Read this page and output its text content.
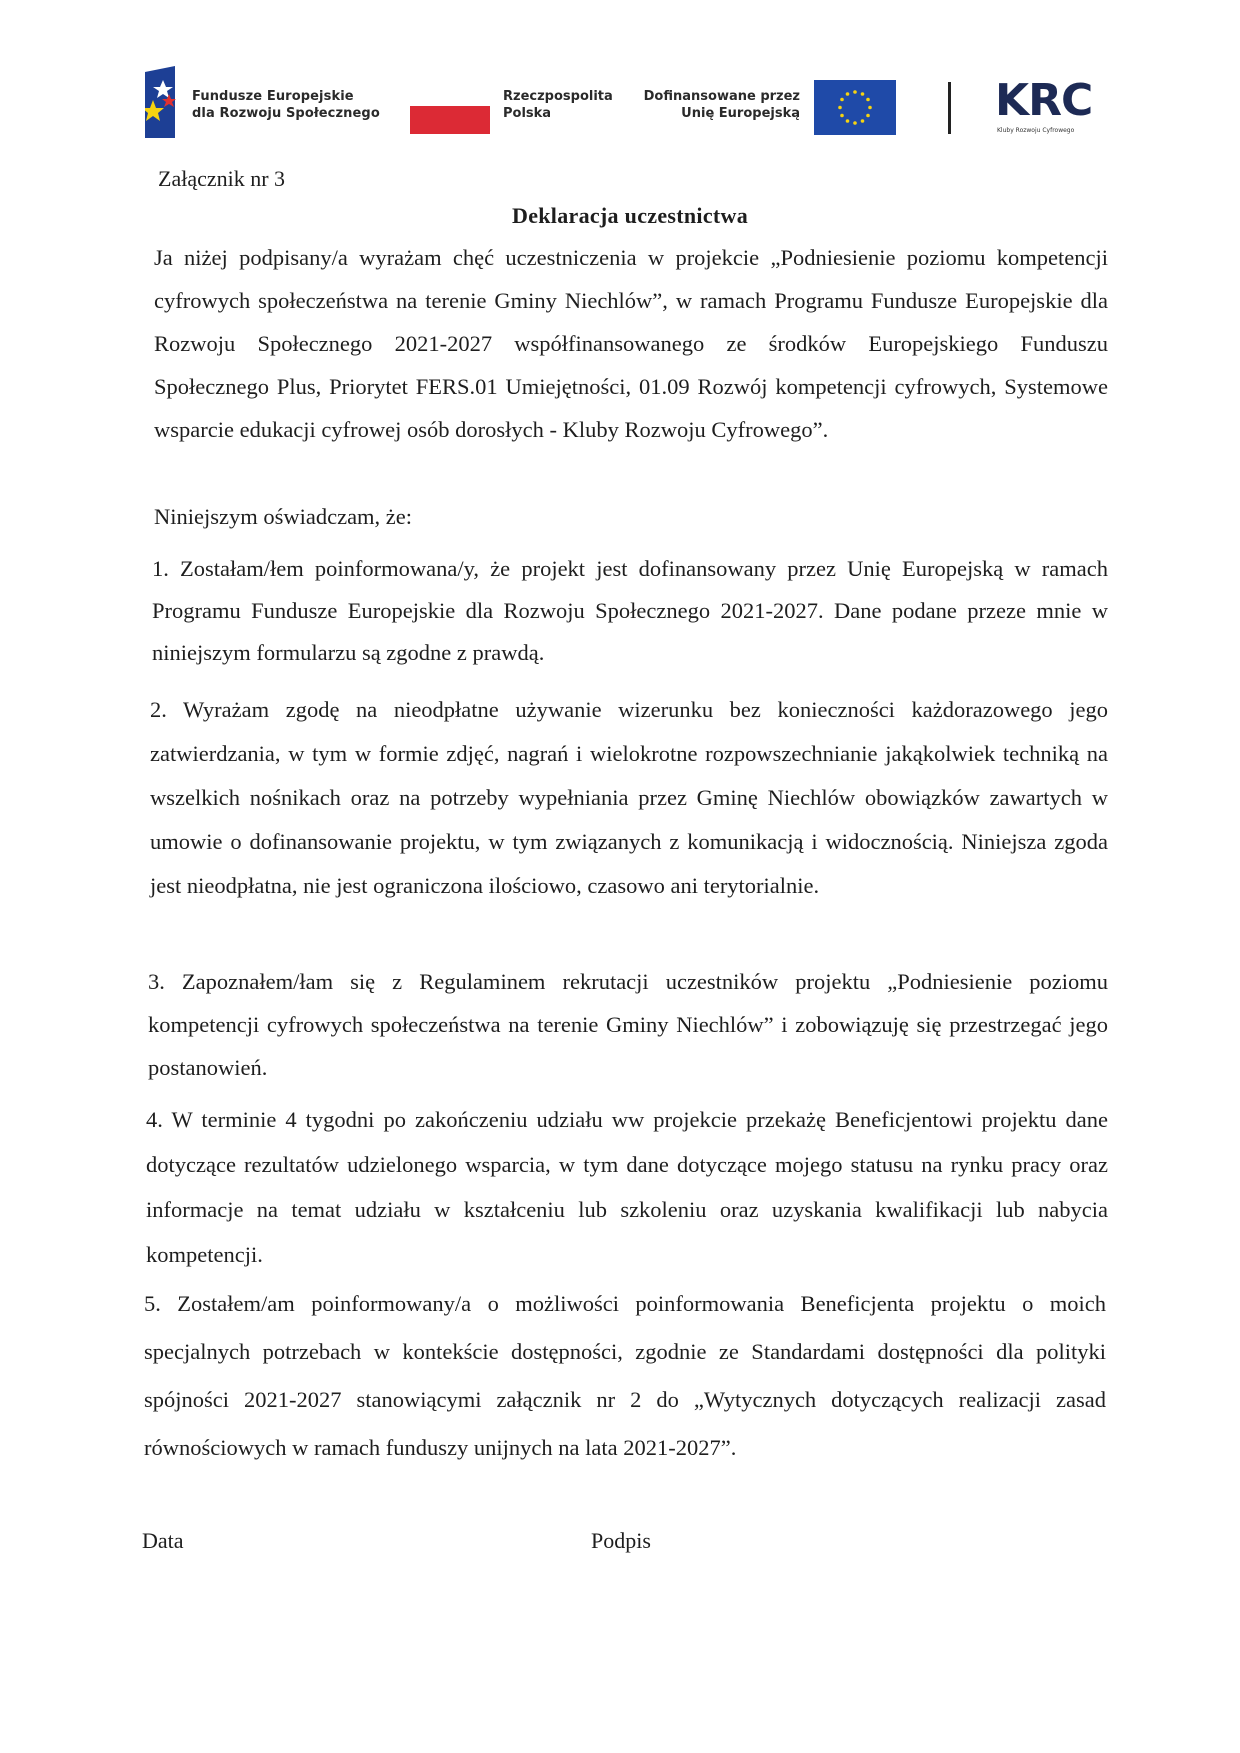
Fundusze Europejskie
dla Rozwoju Społecznego
Rzeczpospolita
Polska
Dofinansowane przez
Unię Europejską	KRC
Kluby Rozwoju Cyfrowego
Załącznik nr 3
Deklaracja uczestnictwa
Ja niżej podpisany/a wyrażam chęć uczestniczenia w projekcie „Podniesienie poziomu kompetencji cyfrowych społeczeństwa na terenie Gminy Niechlów”, w ramach Programu Fundusze Europejskie dla Rozwoju Społecznego 2021-2027 współfinansowanego ze środków Europejskiego Funduszu Społecznego Plus, Priorytet FERS.01 Umiejętności, 01.09 Rozwój kompetencji cyfrowych, Systemowe wsparcie edukacji cyfrowej osób dorosłych - Kluby Rozwoju Cyfrowego”.
Niniejszym oświadczam, że:
1. Zostałam/łem poinformowana/y, że projekt jest dofinansowany przez Unię Europejską w ramach Programu Fundusze Europejskie dla Rozwoju Społecznego 2021-2027. Dane podane przeze mnie w niniejszym formularzu są zgodne z prawdą.
2. Wyrażam zgodę na nieodpłatne używanie wizerunku bez konieczności każdorazowego jego zatwierdzania, w tym w formie zdjęć, nagrań i wielokrotne rozpowszechnianie jakąkolwiek techniką na wszelkich nośnikach oraz na potrzeby wypełniania przez Gminę Niechlów obowiązków zawartych w umowie o dofinansowanie projektu, w tym związanych z komunikacją i widocznością. Niniejsza zgoda jest nieodpłatna, nie jest ograniczona ilościowo, czasowo ani terytorialnie.
3. Zapoznałem/łam się z Regulaminem rekrutacji uczestników projektu „Podniesienie poziomu kompetencji cyfrowych społeczeństwa na terenie Gminy Niechlów” i zobowiązuję się przestrzegać jego postanowień.
4. W terminie 4 tygodni po zakończeniu udziału ww projekcie przekażę Beneficjentowi projektu dane dotyczące rezultatów udzielonego wsparcia, w tym dane dotyczące mojego statusu na rynku pracy oraz informacje na temat udziału w kształceniu lub szkoleniu oraz uzyskania kwalifikacji lub nabycia kompetencji.
5. Zostałem/am poinformowany/a o możliwości poinformowania Beneficjenta projektu o moich specjalnych potrzebach w kontekście dostępności, zgodnie ze Standardami dostępności dla polityki spójności 2021-2027 stanowiącymi załącznik nr 2 do „Wytycznych dotyczących realizacji zasad równościowych w ramach funduszy unijnych na lata 2021-2027”.
Data	Podpis
